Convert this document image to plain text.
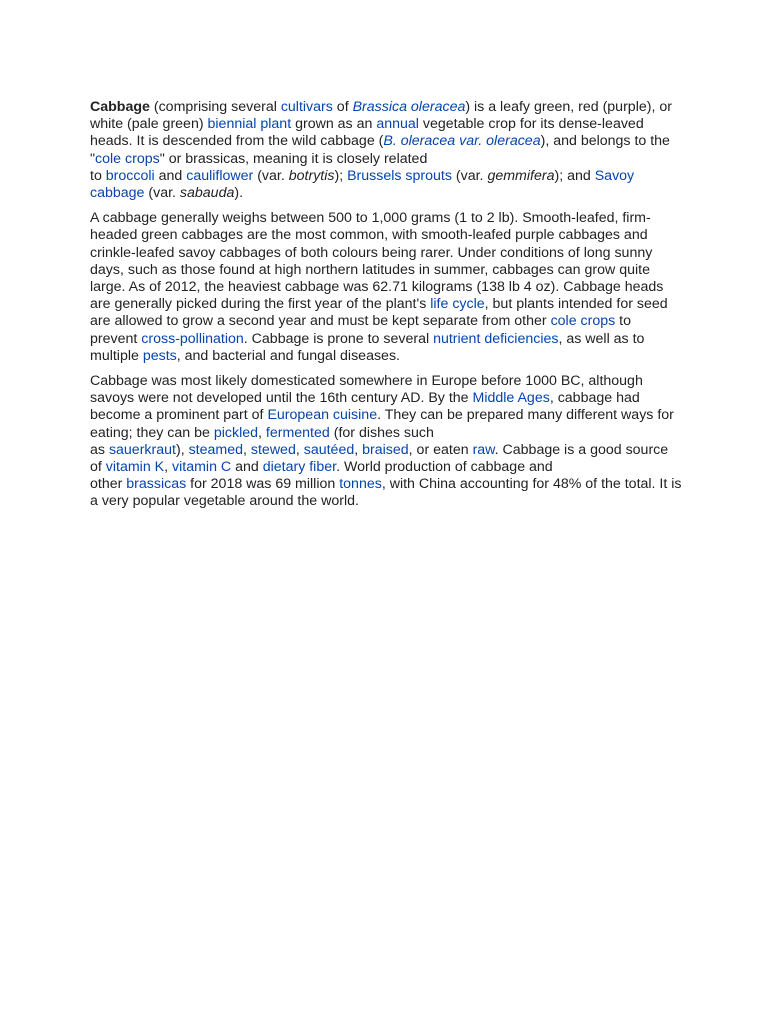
Cabbage (comprising several cultivars of Brassica oleracea) is a leafy green, red (purple), or white (pale green) biennial plant grown as an annual vegetable crop for its dense-leaved heads. It is descended from the wild cabbage (B. oleracea var. oleracea), and belongs to the "cole crops" or brassicas, meaning it is closely related
to broccoli and cauliflower (var. botrytis); Brussels sprouts (var. gemmifera); and Savoy cabbage (var. sabauda).

A cabbage generally weighs between 500 to 1,000 grams (1 to 2 lb). Smooth-leafed, firm-headed green cabbages are the most common, with smooth-leafed purple cabbages and crinkle-leafed savoy cabbages of both colours being rarer. Under conditions of long sunny days, such as those found at high northern latitudes in summer, cabbages can grow quite large. As of 2012, the heaviest cabbage was 62.71 kilograms (138 lb 4 oz). Cabbage heads are generally picked during the first year of the plant's life cycle, but plants intended for seed are allowed to grow a second year and must be kept separate from other cole crops to prevent cross-pollination. Cabbage is prone to several nutrient deficiencies, as well as to multiple pests, and bacterial and fungal diseases.

Cabbage was most likely domesticated somewhere in Europe before 1000 BC, although savoys were not developed until the 16th century AD. By the Middle Ages, cabbage had become a prominent part of European cuisine. They can be prepared many different ways for eating; they can be pickled, fermented (for dishes such
as sauerkraut), steamed, stewed, sautéed, braised, or eaten raw. Cabbage is a good source of vitamin K, vitamin C and dietary fiber. World production of cabbage and
other brassicas for 2018 was 69 million tonnes, with China accounting for 48% of the total. It is a very popular vegetable around the world.
